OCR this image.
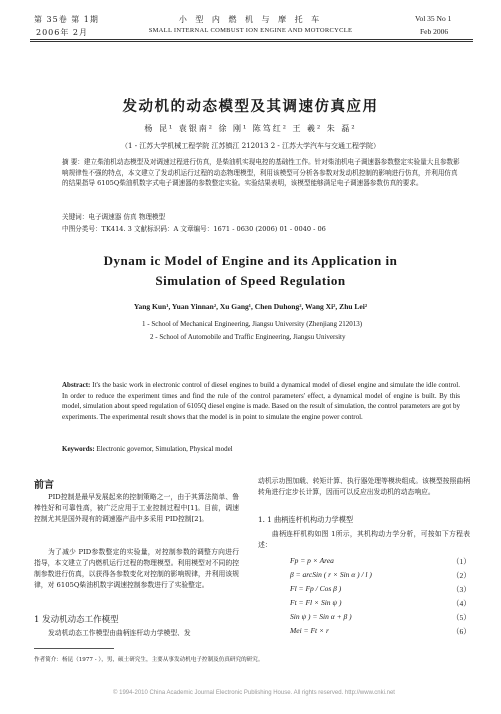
第 35卷 第 1期
2006年 2月
小 型 内 燃 机 与 摩 托 车
SMALL INTERNAL COMBUST ION ENGINE AND MOTORCYCLE
Vol 35 No 1
Feb 2006
发动机的动态模型及其调速仿真应用
杨 昆¹ 袁银南² 徐 刚¹ 陈笃红² 王 羲² 朱 磊²
（1 - 江苏大学机械工程学院 江苏镇江 212013 2 - 江苏大学汽车与交通工程学院）
摘 要：建立柴油机动态模型及对调速过程进行仿真，是柴油机实现电控的基础性工作。针对柴油机电子调速器参数整定实验量大且参数影响规律性不强的特点，本文建立了发动机运行过程的动态物理模型，利用该模型可分析各参数对发动机控制的影响进行仿真，并利用仿真的结果指导 6105Q柴油机数字式电子调速器的参数整定实验。实验结果表明，该模型能够满足电子调速器参数仿真的要求。
关键词：电子调速器 仿真 物理模型
中图分类号：TK414. 3 文献标识码：A 文章编号：1671 - 0630 (2006) 01 - 0040 - 06
Dynam ic Model of Engine and its Application in
Simulation of Speed Regulation
Yang Kun¹, Yuan Yinnan², Xu Gang¹, Chen Duhong², Wang Xi², Zhu Lei²
1 - School of Mechanical Engineering, Jiangsu University (Zhenjiang 212013)
2 - School of Automobile and Traffic Engineering, Jiangsu University
Abstract: It's the basic work in electronic control of diesel engines to build a dynamical model of diesel engine and simulate the idle control. In order to reduce the experiment times and find the rule of the control parameters' effect, a dynamical model of engine is built. By this model, simulation about speed regulation of 6105Q diesel engine is made. Based on the result of simulation, the control parameters are got by experiments. The experimental result shows that the model is in point to simulate the engine power control.
Keywords: Electronic governor, Simulation, Physical model
前言
PID控制是最早发展起来的控制策略之一，由于其算法简单、鲁棒性好和可靠性高，被广泛应用于工业控制过程中[1]。目前，调速控制尤其是国外现有的调速器产品中多采用 PID控制[2]。
为了减少 PID参数整定的实验量，对控制参数的调整方向进行指导，本文建立了内燃机运行过程的物理模型。利用模型对不同的控制参数进行仿真，以获得各参数变化对控制的影响规律，并利用该规律，对 6105Q柴油机数字调速控制参数进行了实验整定。
1 发动机动态工作模型
发动机动态工作模型由曲柄连杆动力学模型、发
动机示功图加载、转矩计算、执行器处理等模块组成。该模型按照曲柄转角进行定步长计算，因而可以反应出发动机的动态响应。
1. 1 曲柄连杆机构动力学模型
曲柄连杆机构如图 1所示，其机构动力学分析，可按如下方程表述：
Fp = p × Area	（1）
β = arcSin ( r × Sin α ) / l )	（2）
Fl = Fp / Cos β )	（3）
Ft = Fl × Sin ψ )	（4）
Sin ψ ) = Sin α + β )	（5）
Mei = Ft × r	（6）
作者简介：杨昆（1977 - ），男，硕士研究生，主要从事发动机电子控制及仿真研究的研究。
© 1994-2010 China Academic Journal Electronic Publishing House. All rights reserved. http://www.cnki.net
